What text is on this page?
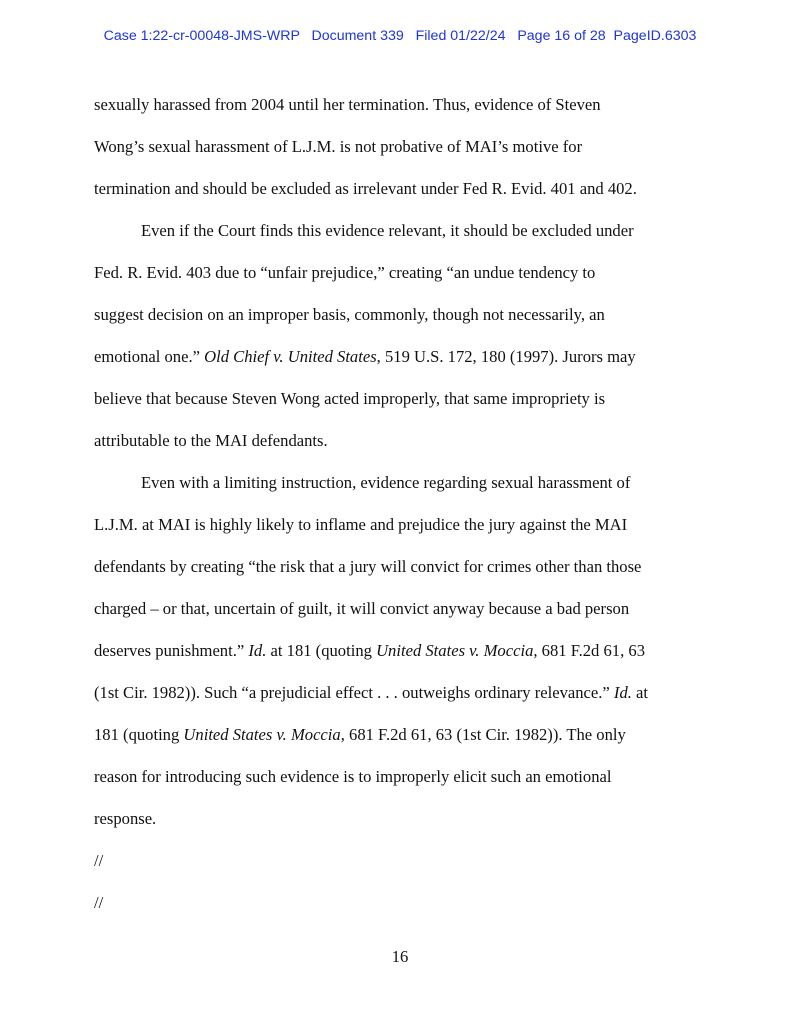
Case 1:22-cr-00048-JMS-WRP   Document 339   Filed 01/22/24   Page 16 of 28  PageID.6303
sexually harassed from 2004 until her termination. Thus, evidence of Steven
Wong’s sexual harassment of L.J.M. is not probative of MAI’s motive for
termination and should be excluded as irrelevant under Fed R. Evid. 401 and 402.
Even if the Court finds this evidence relevant, it should be excluded under
Fed. R. Evid. 403 due to “unfair prejudice,” creating “an undue tendency to
suggest decision on an improper basis, commonly, though not necessarily, an
emotional one.” Old Chief v. United States, 519 U.S. 172, 180 (1997). Jurors may
believe that because Steven Wong acted improperly, that same impropriety is
attributable to the MAI defendants.
Even with a limiting instruction, evidence regarding sexual harassment of
L.J.M. at MAI is highly likely to inflame and prejudice the jury against the MAI
defendants by creating “the risk that a jury will convict for crimes other than those
charged – or that, uncertain of guilt, it will convict anyway because a bad person
deserves punishment.” Id. at 181 (quoting United States v. Moccia, 681 F.2d 61, 63
(1st Cir. 1982)). Such “a prejudicial effect . . . outweighs ordinary relevance.” Id. at
181 (quoting United States v. Moccia, 681 F.2d 61, 63 (1st Cir. 1982)). The only
reason for introducing such evidence is to improperly elicit such an emotional
response.
//
//
16
